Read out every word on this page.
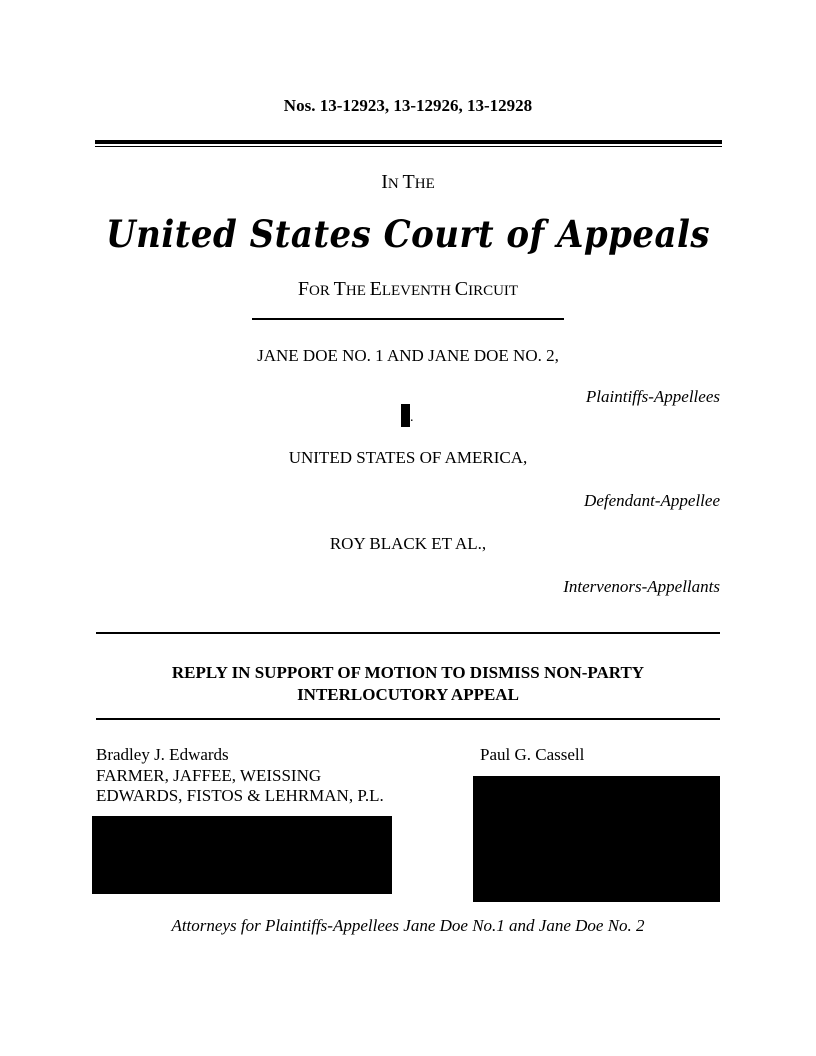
Nos. 13-12923, 13-12926, 13-12928
IN THE
United States Court of Appeals
FOR THE ELEVENTH CIRCUIT
JANE DOE NO. 1 AND JANE DOE NO. 2,
Plaintiffs-Appellees
.
UNITED STATES OF AMERICA,
Defendant-Appellee
ROY BLACK ET AL.,
Intervenors-Appellants
REPLY IN SUPPORT OF MOTION TO DISMISS NON-PARTY
INTERLOCUTORY APPEAL
Bradley J. Edwards
FARMER, JAFFEE, WEISSING
EDWARDS, FISTOS & LEHRMAN, P.L.
Paul G. Cassell
Attorneys for Plaintiffs-Appellees Jane Doe No.1 and Jane Doe No. 2
